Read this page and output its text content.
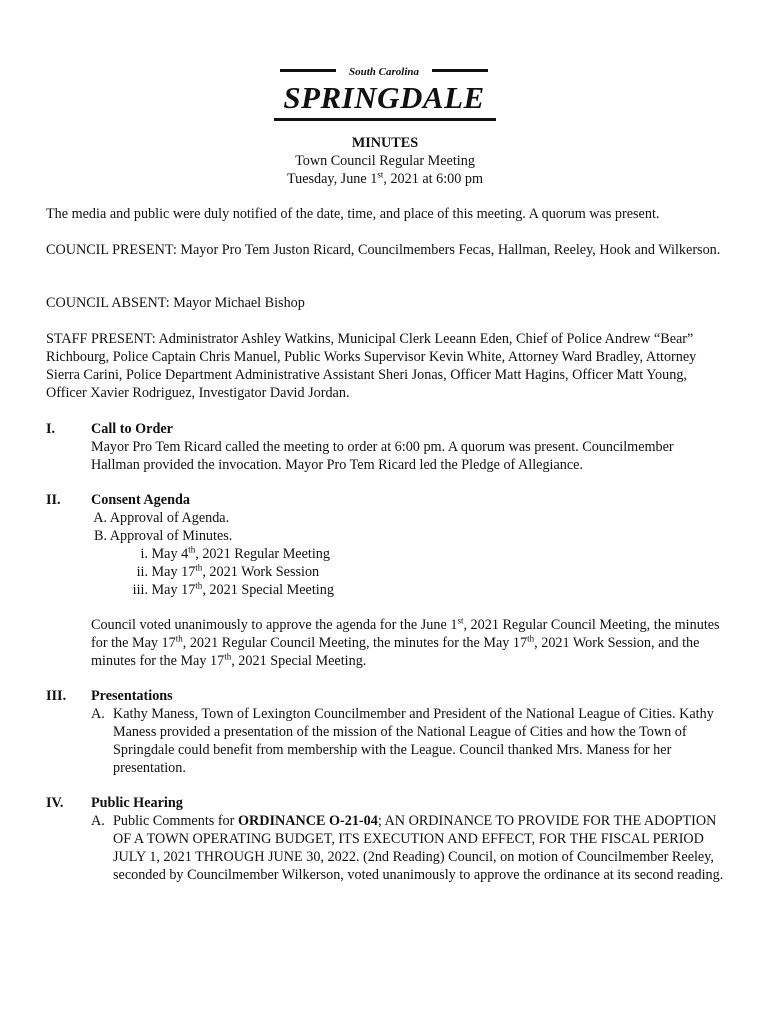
South Carolina
SPRINGDALE
MINUTES
Town Council Regular Meeting
Tuesday, June 1st, 2021 at 6:00 pm
The media and public were duly notified of the date, time, and place of this meeting. A quorum was present.
COUNCIL PRESENT: Mayor Pro Tem Juston Ricard, Councilmembers Fecas, Hallman, Reeley, Hook and Wilkerson.
COUNCIL ABSENT: Mayor Michael Bishop
STAFF PRESENT: Administrator Ashley Watkins, Municipal Clerk Leeann Eden, Chief of Police Andrew “Bear” Richbourg, Police Captain Chris Manuel, Public Works Supervisor Kevin White, Attorney Ward Bradley, Attorney Sierra Carini, Police Department Administrative Assistant Sheri Jonas, Officer Matt Hagins, Officer Matt Young, Officer Xavier Rodriguez, Investigator David Jordan.
I.	Call to Order
Mayor Pro Tem Ricard called the meeting to order at 6:00 pm. A quorum was present. Councilmember Hallman provided the invocation. Mayor Pro Tem Ricard led the Pledge of Allegiance.
II. Consent Agenda
A. Approval of Agenda.
B. Approval of Minutes.
i. May 4th, 2021 Regular Meeting
ii. May 17th, 2021 Work Session
iii. May 17th, 2021 Special Meeting
Council voted unanimously to approve the agenda for the June 1st, 2021 Regular Council Meeting, the minutes for the May 17th, 2021 Regular Council Meeting, the minutes for the May 17th, 2021 Work Session, and the minutes for the May 17th, 2021 Special Meeting.
III. Presentations
A. Kathy Maness, Town of Lexington Councilmember and President of the National League of Cities. Kathy Maness provided a presentation of the mission of the National League of Cities and how the Town of Springdale could benefit from membership with the League. Council thanked Mrs. Maness for her presentation.
IV. Public Hearing
A. Public Comments for ORDINANCE O-21-04; AN ORDINANCE TO PROVIDE FOR THE ADOPTION OF A TOWN OPERATING BUDGET, ITS EXECUTION AND EFFECT, FOR THE FISCAL PERIOD JULY 1, 2021 THROUGH JUNE 30, 2022. (2nd Reading) Council, on motion of Councilmember Reeley, seconded by Councilmember Wilkerson, voted unanimously to approve the ordinance at its second reading.
